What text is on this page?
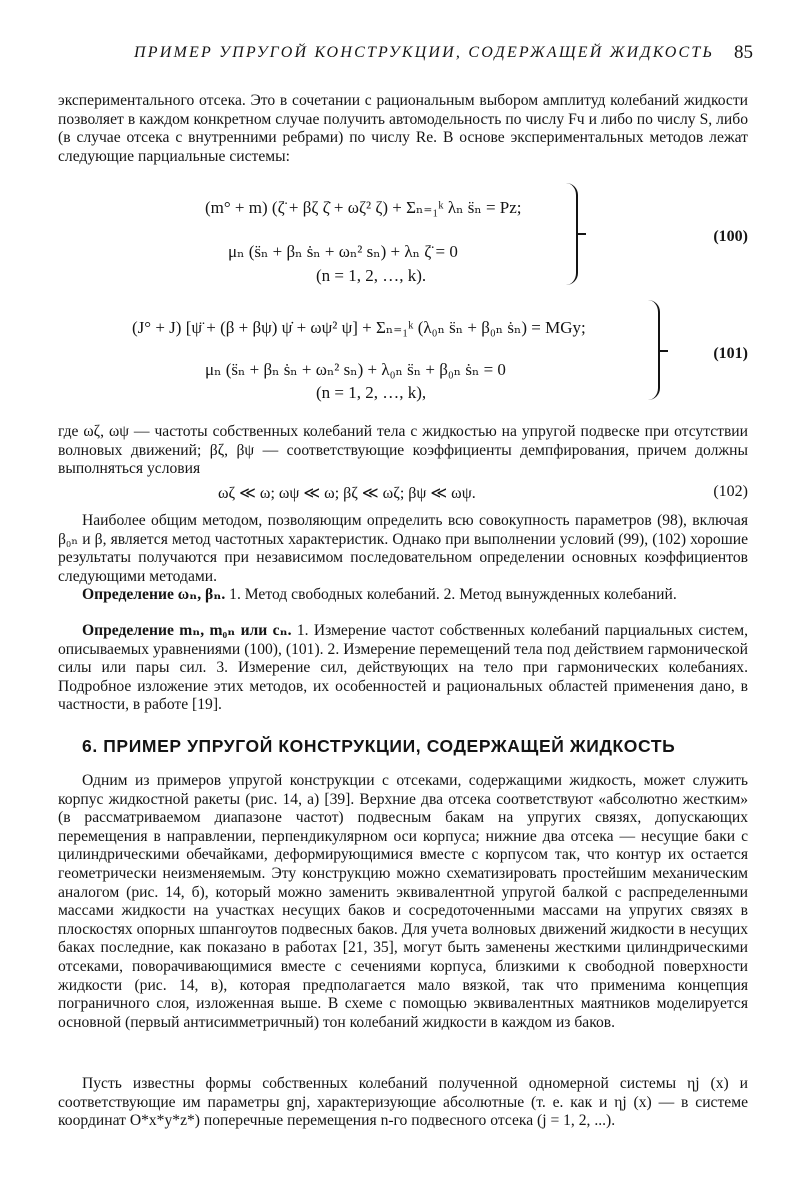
ПРИМЕР УПРУГОЙ КОНСТРУКЦИИ, СОДЕРЖАЩЕЙ ЖИДКОСТЬ 85

экспериментального отсека. Это в сочетании с рациональным выбором амплитуд колебаний жидкости позволяет в каждом конкретном случае получить автомодельность по числу Fч и либо по числу S, либо (в случае отсека с внутренними ребрами) по числу Re. В основе экспериментальных методов лежат следующие парциальные системы:

(m° + m) (ζ̈ + βζ ζ̇ + ωζ² ζ) + Σₙ₌₁ᵏ λₙ s̈ₙ = Pz;
μₙ (s̈ₙ + βₙ ṡₙ + ωₙ² sₙ) + λₙ ζ̈ = 0
(n = 1, 2, …, k).
(100)
(J° + J) [ψ̈ + (β + βψ) ψ̇ + ωψ² ψ] + Σₙ₌₁ᵏ (λ₀ₙ s̈ₙ + β₀ₙ ṡₙ) = MGy;
μₙ (s̈ₙ + βₙ ṡₙ + ωₙ² sₙ) + λ₀ₙ s̈ₙ + β₀ₙ ṡₙ = 0
(n = 1, 2, …, k),
(101)

где ωζ, ωψ — частоты собственных колебаний тела с жидкостью на упругой подвеске при отсутствии волновых движений; βζ, βψ — соответствующие коэффициенты демпфирования, причем должны выполняться условия

ωζ ≪ ω; ωψ ≪ ω; βζ ≪ ωζ; βψ ≪ ωψ.	(102)

Наиболее общим методом, позволяющим определить всю совокупность параметров (98), включая β₀ₙ и β, является метод частотных характеристик. Однако при выполнении условий (99), (102) хорошие результаты получаются при независимом последовательном определении основных коэффициентов следующими методами.

Определение ωₙ, βₙ. 1. Метод свободных колебаний. 2. Метод вынужденных колебаний.

Определение mₙ, m₀ₙ или cₙ. 1. Измерение частот собственных колебаний парциальных систем, описываемых уравнениями (100), (101). 2. Измерение перемещений тела под действием гармонической силы или пары сил. 3. Измерение сил, действующих на тело при гармонических колебаниях. Подробное изложение этих методов, их особенностей и рациональных областей применения дано, в частности, в работе [19].

6. ПРИМЕР УПРУГОЙ КОНСТРУКЦИИ, СОДЕРЖАЩЕЙ ЖИДКОСТЬ

Одним из примеров упругой конструкции с отсеками, содержащими жидкость, может служить корпус жидкостной ракеты (рис. 14, а) [39]. Верхние два отсека соответствуют «абсолютно жестким» (в рассматриваемом диапазоне частот) подвесным бакам на упругих связях, допускающих перемещения в направлении, перпендикулярном оси корпуса; нижние два отсека — несущие баки с цилиндрическими обечайками, деформирующимися вместе с корпусом так, что контур их остается геометрически неизменяемым. Эту конструкцию можно схематизировать простейшим механическим аналогом (рис. 14, б), который можно заменить эквивалентной упругой балкой с распределенными массами жидкости на участках несущих баков и сосредоточенными массами на упругих связях в плоскостях опорных шпангоутов подвесных баков. Для учета волновых движений жидкости в несущих баках последние, как показано в работах [21, 35], могут быть заменены жесткими цилиндрическими отсеками, поворачивающимися вместе с сечениями корпуса, близкими к свободной поверхности жидкости (рис. 14, в), которая предполагается мало вязкой, так что применима концепция пограничного слоя, изложенная выше. В схеме с помощью эквивалентных маятников моделируется основной (первый антисимметричный) тон колебаний жидкости в каждом из баков.

Пусть известны формы собственных колебаний полученной одномерной системы ηj (x) и соответствующие им параметры gnj, характеризующие абсолютные (т. е. как и ηj (x) — в системе координат O*x*y*z*) поперечные перемещения n-го подвесного отсека (j = 1, 2, ...).
